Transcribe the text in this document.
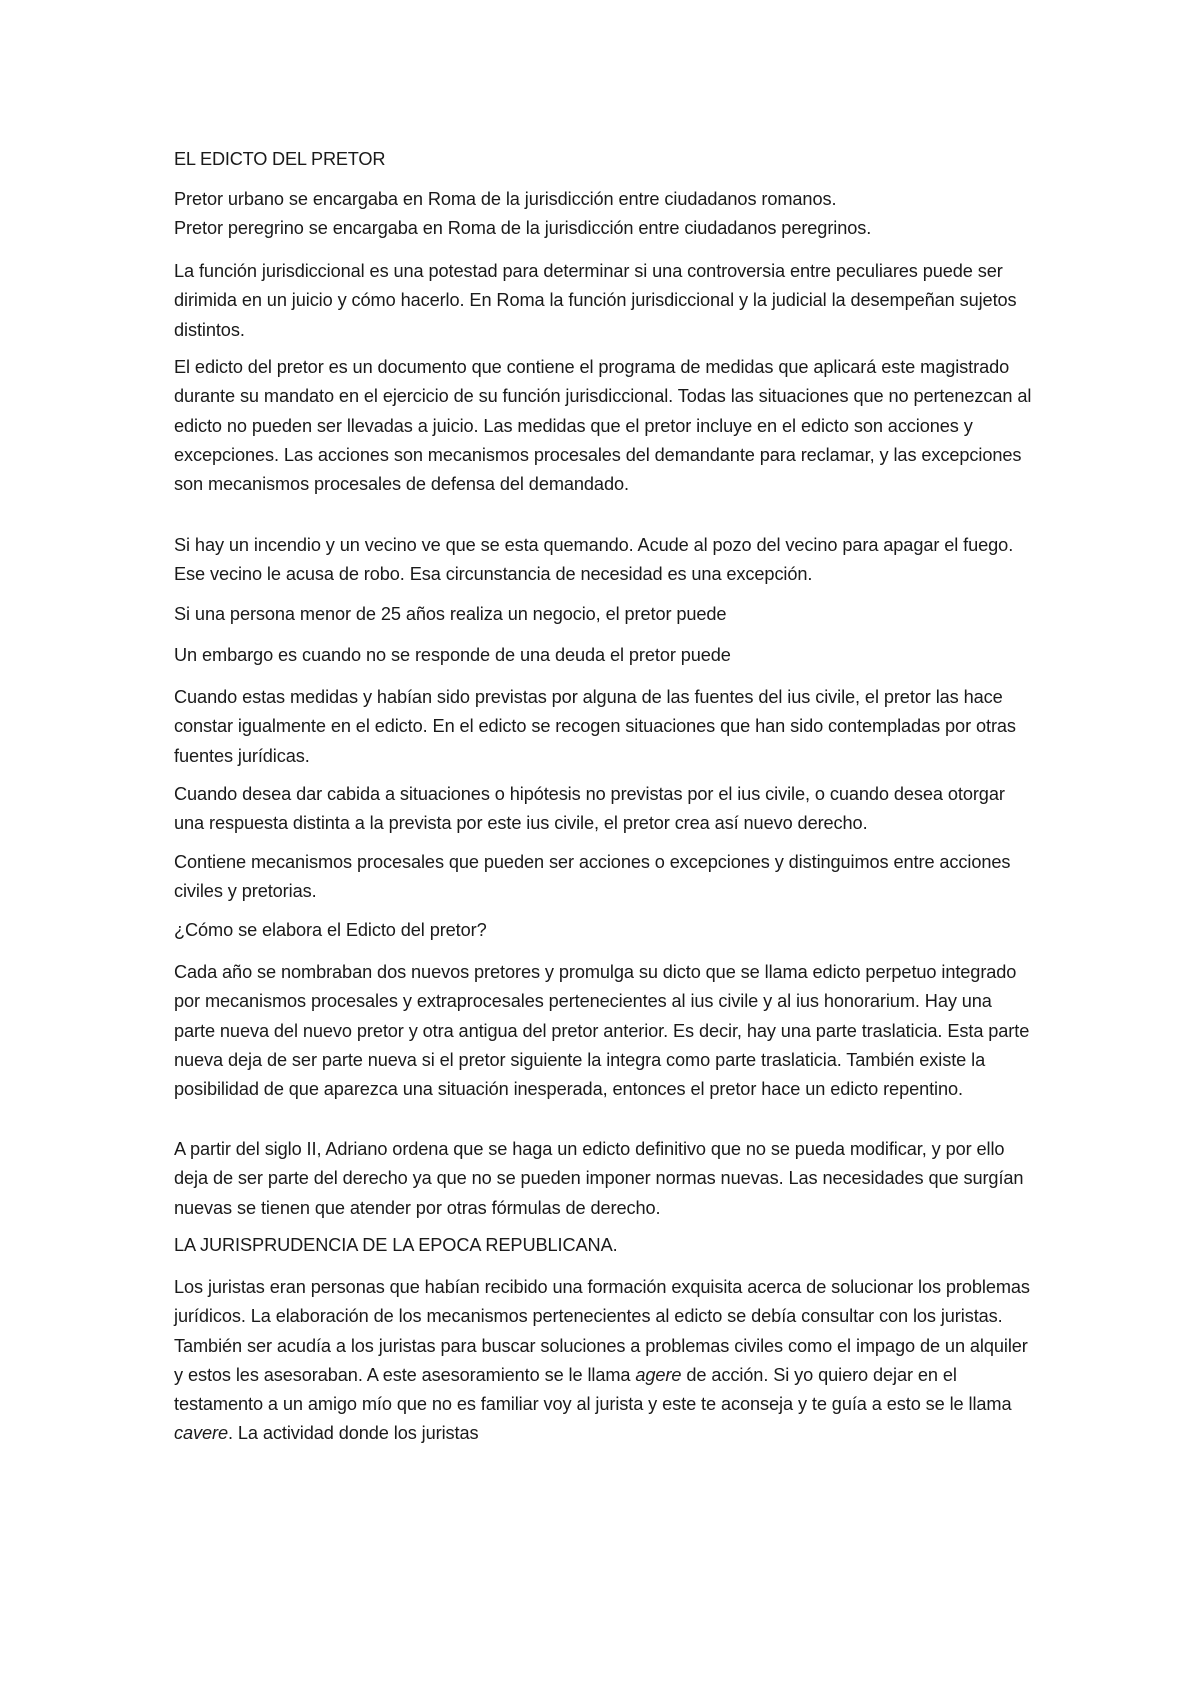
EL EDICTO DEL PRETOR

Pretor urbano se encargaba en Roma de la jurisdicción entre ciudadanos romanos.

Pretor peregrino se encargaba en Roma de la jurisdicción entre ciudadanos peregrinos.

La función jurisdiccional es una potestad para determinar si una controversia entre peculiares puede ser dirimida en un juicio y cómo hacerlo. En Roma la función jurisdiccional y la judicial la desempeñan sujetos distintos.

El edicto del pretor es un documento que contiene el programa de medidas que aplicará este magistrado durante su mandato en el ejercicio de su función jurisdiccional. Todas las situaciones que no pertenezcan al edicto no pueden ser llevadas a juicio. Las medidas que el pretor incluye en el edicto son acciones y excepciones. Las acciones son mecanismos procesales del demandante para reclamar, y las excepciones son mecanismos procesales de defensa del demandado.

Si hay un incendio y un vecino ve que se esta quemando. Acude al pozo del vecino para apagar el fuego. Ese vecino le acusa de robo. Esa circunstancia de necesidad es una excepción.

Si una persona menor de 25 años realiza un negocio, el pretor puede

Un embargo es cuando no se responde de una deuda el pretor puede

Cuando estas medidas y habían sido previstas por alguna de las fuentes del ius civile, el pretor las hace constar igualmente en el edicto. En el edicto se recogen situaciones que han sido contempladas por otras fuentes jurídicas.

Cuando desea dar cabida a situaciones o hipótesis no previstas por el ius civile, o cuando desea otorgar una respuesta distinta a la prevista por este ius civile, el pretor crea así nuevo derecho.

Contiene mecanismos procesales que pueden ser acciones o excepciones y distinguimos entre acciones civiles y pretorias.

¿Cómo se elabora el Edicto del pretor?

Cada año se nombraban dos nuevos pretores y promulga su dicto que se llama edicto perpetuo integrado por mecanismos procesales y extraprocesales pertenecientes al ius civile y al ius honorarium. Hay una parte nueva del nuevo pretor y otra antigua del pretor anterior. Es decir, hay una parte traslaticia. Esta parte nueva deja de ser parte nueva si el pretor siguiente la integra como parte traslaticia. También existe la posibilidad de que aparezca una situación inesperada, entonces el pretor hace un edicto repentino.

A partir del siglo II, Adriano ordena que se haga un edicto definitivo que no se pueda modificar, y por ello deja de ser parte del derecho ya que no se pueden imponer normas nuevas. Las necesidades que surgían nuevas se tienen que atender por otras fórmulas de derecho.

LA JURISPRUDENCIA DE LA EPOCA REPUBLICANA.

Los juristas eran personas que habían recibido una formación exquisita acerca de solucionar los problemas jurídicos. La elaboración de los mecanismos pertenecientes al edicto se debía consultar con los juristas. También ser acudía a los juristas para buscar soluciones a problemas civiles como el impago de un alquiler y estos les asesoraban. A este asesoramiento se le llama agere de acción. Si yo quiero dejar en el testamento a un amigo mío que no es familiar voy al jurista y este te aconseja y te guía a esto se le llama cavere. La actividad donde los juristas
